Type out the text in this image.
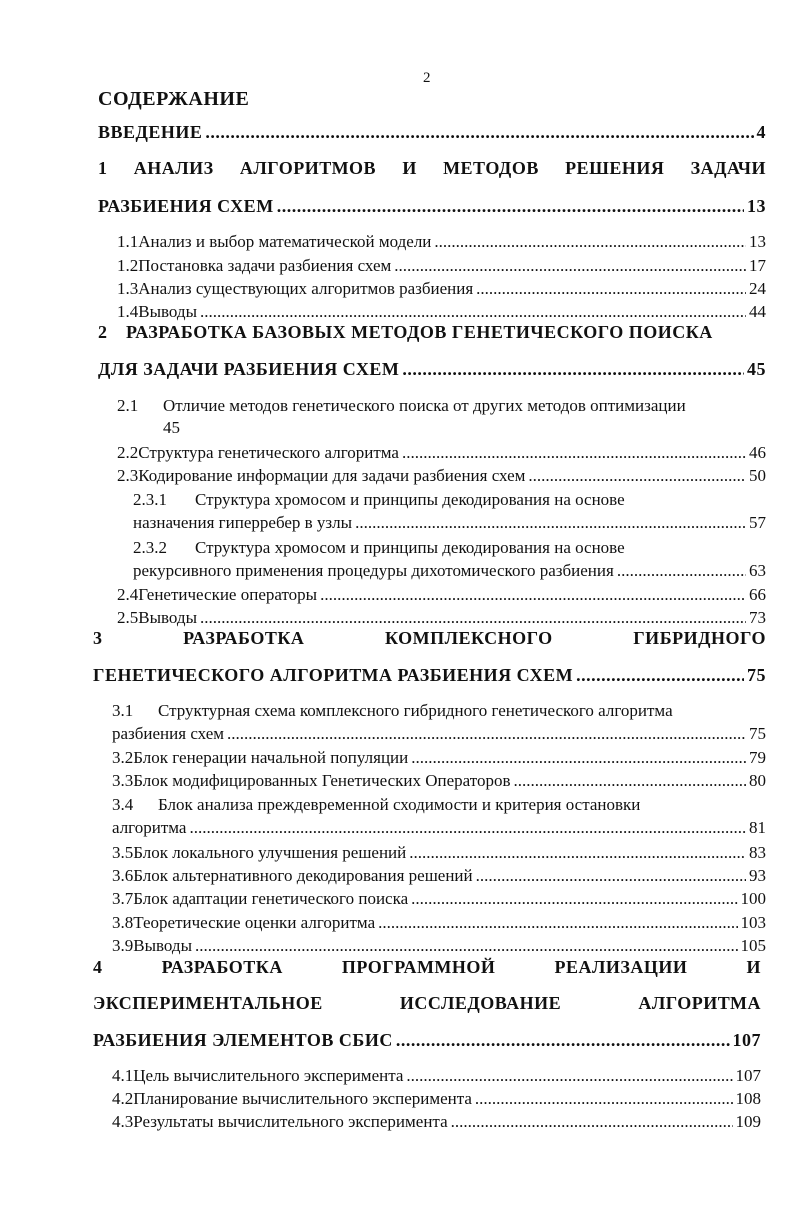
2
СОДЕРЖАНИЕ
ВВЕДЕНИЕ .....	4
1 АНАЛИЗ АЛГОРИТМОВ И МЕТОДОВ РЕШЕНИЯ ЗАДАЧИ
РАЗБИЕНИЯ СХЕМ .....	13
1.1 Анализ и выбор математической модели .....	13
1.2 Постановка задачи разбиения схем .....	17
1.3 Анализ существующих алгоритмов разбиения .....	24
1.4 Выводы .....	44
2 РАЗРАБОТКА БАЗОВЫХ МЕТОДОВ ГЕНЕТИЧЕСКОГО ПОИСКА
ДЛЯ ЗАДАЧИ РАЗБИЕНИЯ СХЕМ .....	45
2.1 Отличие методов генетического поиска от других методов оптимизации
45
2.2 Структура генетического алгоритма .....	46
2.3 Кодирование информации для задачи разбиения схем .....	50
2.3.1 Структура хромосом и принципы декодирования на основе
назначения гиперребер в узлы .....	57
2.3.2 Структура хромосом и принципы декодирования на основе
рекурсивного применения процедуры дихотомического разбиения .....	63
2.4 Генетические операторы .....	66
2.5 Выводы .....	73
3	РАЗРАБОТКА	КОМПЛЕКСНОГО	ГИБРИДНОГО
ГЕНЕТИЧЕСКОГО АЛГОРИТМА РАЗБИЕНИЯ СХЕМ .....	75
3.1 Структурная схема комплексного гибридного генетического алгоритма
разбиения схем .....	75
3.2 Блок генерации начальной популяции .....	79
3.3 Блок модифицированных Генетических Операторов .....	80
3.4 Блок анализа преждевременной сходимости и критерия остановки
алгоритма .....	81
3.5 Блок локального улучшения решений .....	83
3.6 Блок альтернативного декодирования решений .....	93
3.7 Блок адаптации генетического поиска .....	100
3.8 Теоретические оценки алгоритма .....	103
3.9 Выводы .....	105
4	РАЗРАБОТКА	ПРОГРАММНОЙ	РЕАЛИЗАЦИИ	И
ЭКСПЕРИМЕНТАЛЬНОЕ	ИССЛЕДОВАНИЕ	АЛГОРИТМА
РАЗБИЕНИЯ ЭЛЕМЕНТОВ СБИС .....	107
4.1 Цель вычислительного эксперимента .....	107
4.2 Планирование вычислительного эксперимента .....	108
4.3 Результаты вычислительного эксперимента .....	109
